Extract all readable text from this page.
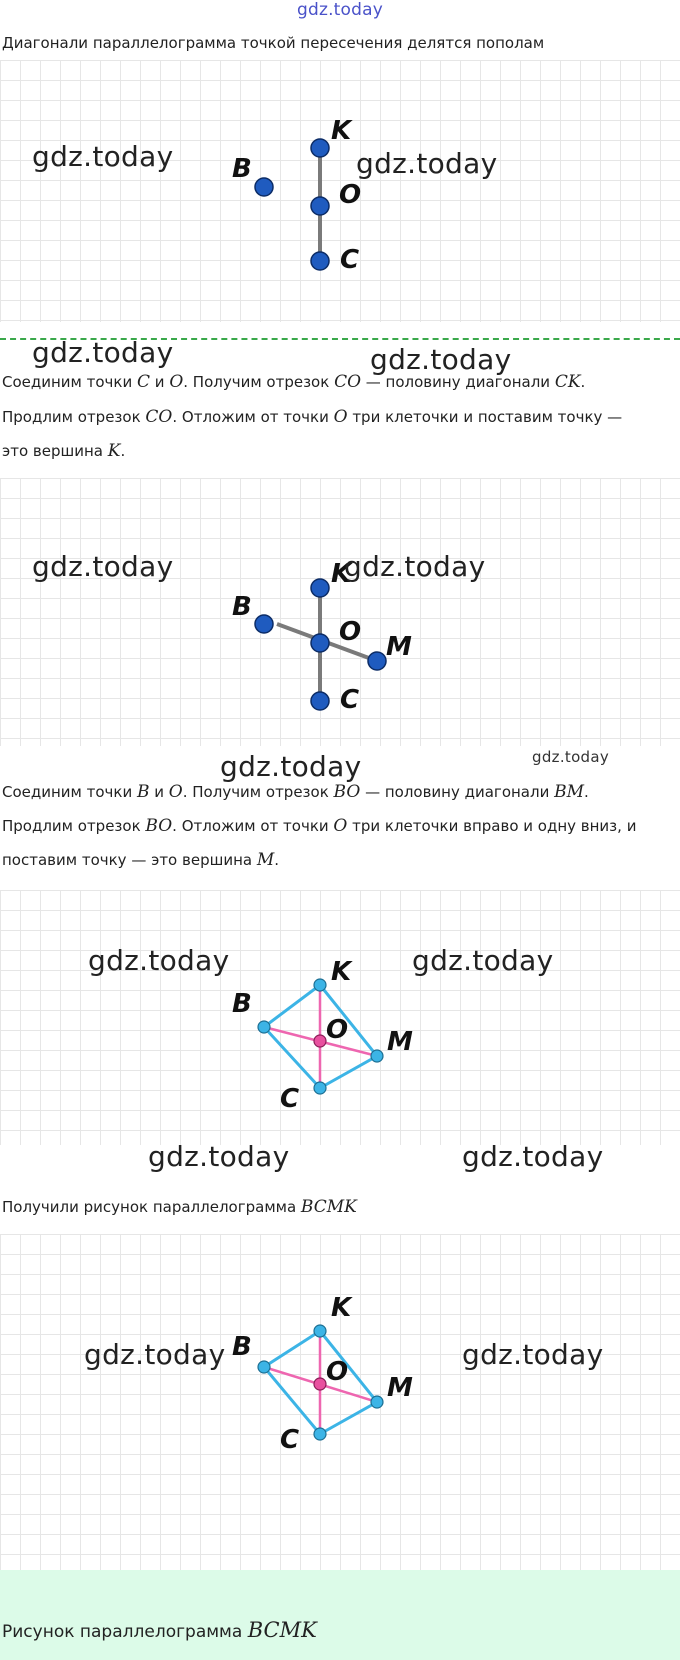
gdz.today
Диагонали параллелограмма точкой пересечения делятся пополам
K
O
C
B
gdz.today	gdz.today
gdz.today	gdz.today
Соединим точки C и O. Получим отрезок CO — половину диагонали CK.
Продлим отрезок CO. Отложим от точки O три клеточки и поставим точку —
это вершина K.
K
O
C
B
M
gdz.today	gdz.today
gdz.today	gdz.today
Соединим точки B и O. Получим отрезок BO — половину диагонали BM.
Продлим отрезок BO. Отложим от точки O три клеточки вправо и одну вниз, и
поставим точку — это вершина M.
K
O M
C
B
gdz.today	gdz.today
gdz.today	gdz.today
Получили рисунок параллелограмма BCMK
K
O
M
C
B
gdz.today	gdz.today
Рисунок параллелограмма BCMK
